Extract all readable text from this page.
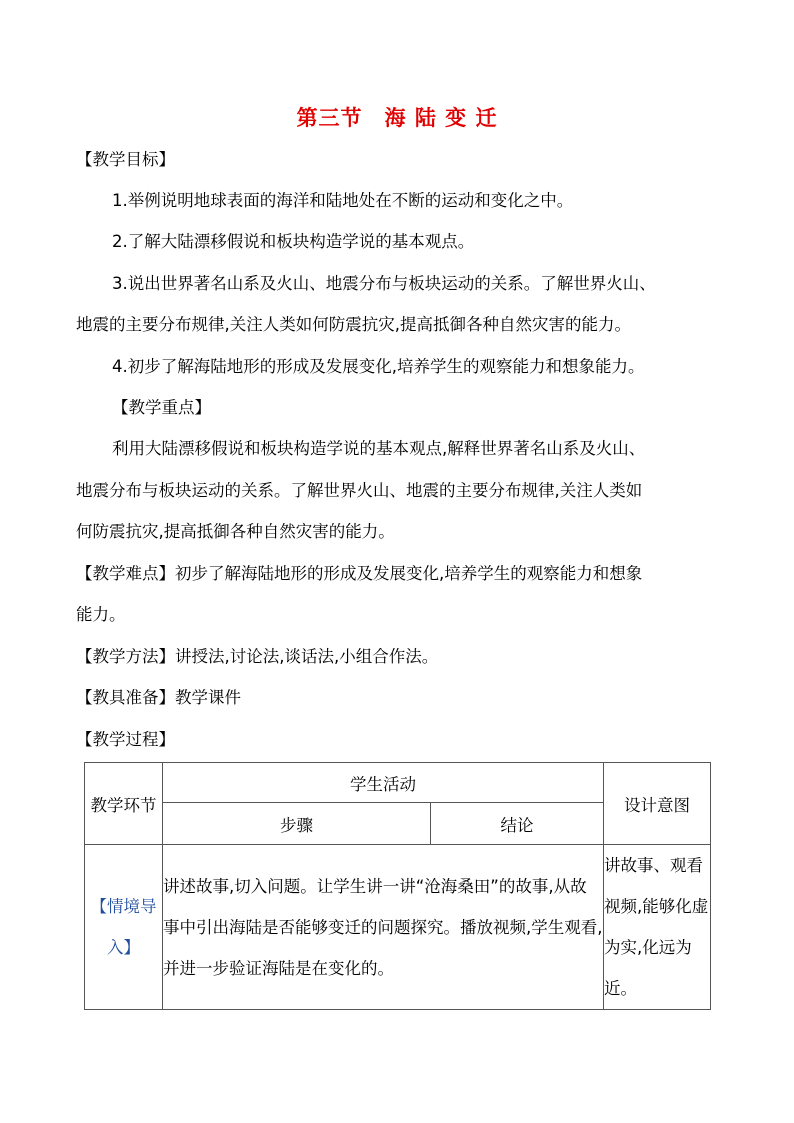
第三节 海 陆 变 迁
【教学目标】
1.举例说明地球表面的海洋和陆地处在不断的运动和变化之中。
2.了解大陆漂移假说和板块构造学说的基本观点。
3.说出世界著名山系及火山、地震分布与板块运动的关系。了解世界火山、
地震的主要分布规律,关注人类如何防震抗灾,提高抵御各种自然灾害的能力。
4.初步了解海陆地形的形成及发展变化,培养学生的观察能力和想象能力。
【教学重点】
利用大陆漂移假说和板块构造学说的基本观点,解释世界著名山系及火山、
地震分布与板块运动的关系。了解世界火山、地震的主要分布规律,关注人类如
何防震抗灾,提高抵御各种自然灾害的能力。
【教学难点】初步了解海陆地形的形成及发展变化,培养学生的观察能力和想象
能力。
【教学方法】讲授法,讨论法,谈话法,小组合作法。
【教具准备】教学课件
【教学过程】
教学环节	学生活动		设计意图
	步骤	结论	
【情境导入】	讲述故事,切入问题。让学生讲一讲“沧海桑田”的故事,从故事中引出海陆是否能够变迁的问题探究。播放视频,学生观看,并进一步验证海陆是在变化的。		讲故事、观看视频,能够化虚为实,化远为近。
